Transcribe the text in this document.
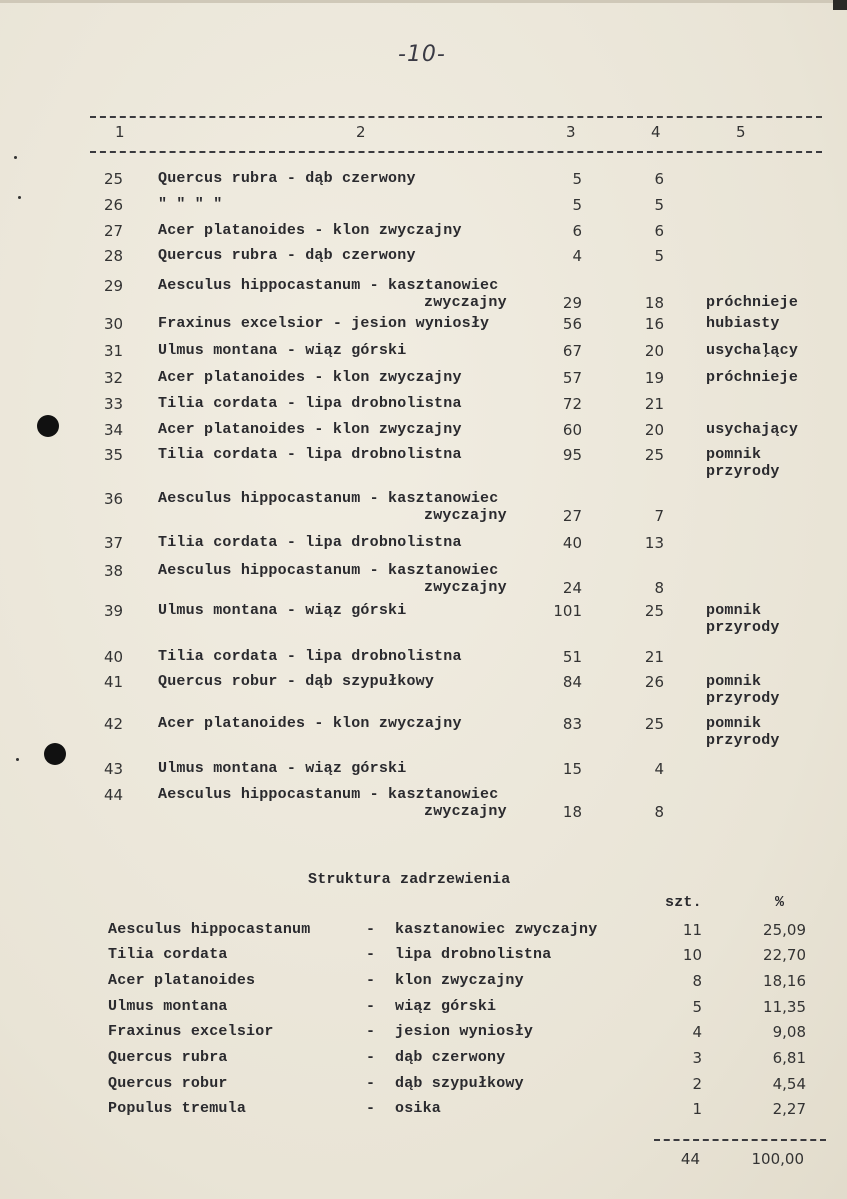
-10-
1	2	3	4	5
25 Quercus rubra - dąb czerwony	5	6
26 " " " "	5	5
27 Acer platanoides - klon zwyczajny	6	6
28 Quercus rubra - dąb czerwony	4	5
29 Aesculus hippocastanum - kasztanowiec
zwyczajny	29	18	próchnieje
30 Fraxinus excelsior - jesion wyniosły	56	16	hubiasty
31 Ulmus montana - wiąz górski	67	20	usychaļący
32 Acer platanoides - klon zwyczajny	57	19	próchnieje
33 Tilia cordata - lipa drobnolistna	72	21
34 Acer platanoides - klon zwyczajny	60	20	usychający
35 Tilia cordata - lipa drobnolistna	95	25	pomnik
przyrody
36 Aesculus hippocastanum - kasztanowiec
zwyczajny	27	7
37 Tilia cordata - lipa drobnolistna	40	13
38 Aesculus hippocastanum - kasztanowiec
zwyczajny	24	8
39 Ulmus montana - wiąz górski	101	25	pomnik
przyrody
40 Tilia cordata - lipa drobnolistna	51	21
41 Quercus robur - dąb szypułkowy	84	26	pomnik
przyrody
42 Acer platanoides - klon zwyczajny	83	25	pomnik
przyrody
43 Ulmus montana - wiąz górski	15	4
44 Aesculus hippocastanum - kasztanowiec
zwyczajny	18	8
Struktura zadrzewienia
szt.	%
Aesculus hippocastanum	- kasztanowiec zwyczajny	11	25,09
Tilia cordata	- lipa drobnolistna	10	22,70
Acer platanoides	- klon zwyczajny	8	18,16
Ulmus montana	- wiąz górski	5	11,35
Fraxinus excelsior	- jesion wyniosły	4	9,08
Quercus rubra	- dąb czerwony	3	6,81
Quercus robur	- dąb szypułkowy	2	4,54
Populus tremula	- osika	1	2,27
44	100,00
